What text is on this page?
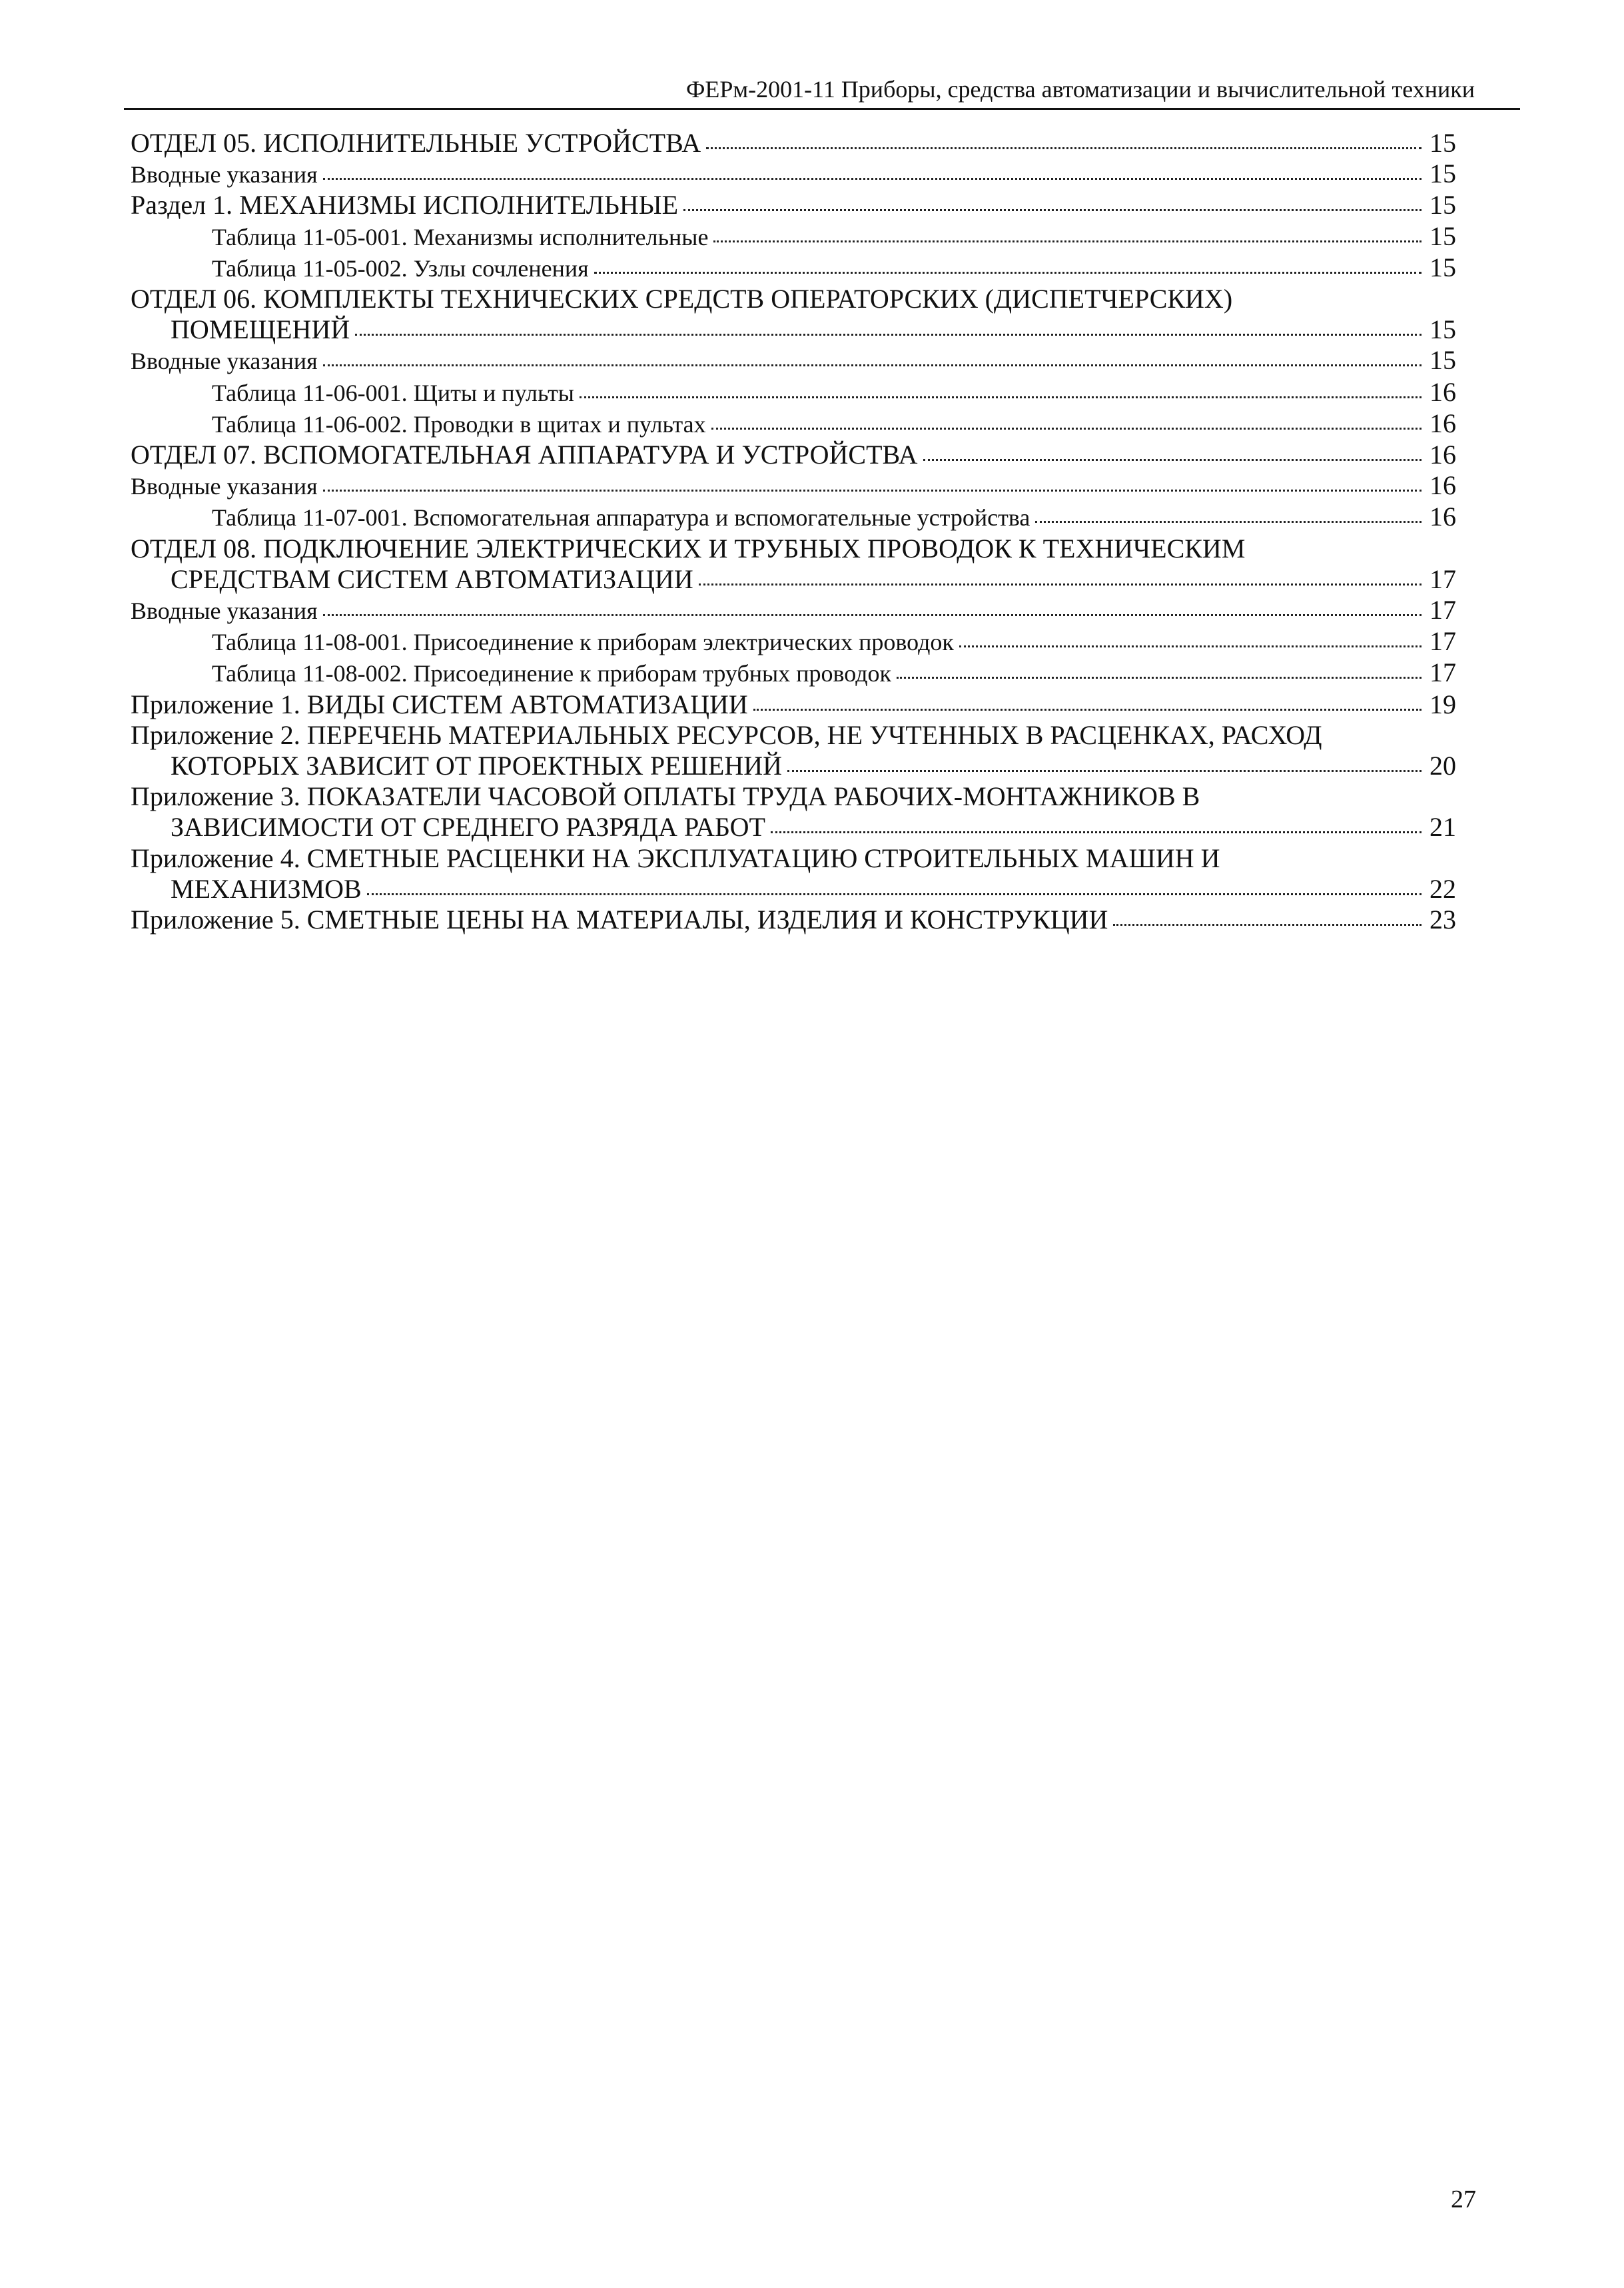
ФЕРм-2001-11 Приборы, средства автоматизации и вычислительной техники
ОТДЕЛ 05. ИСПОЛНИТЕЛЬНЫЕ УСТРОЙСТВА	15
Вводные указания	15
Раздел 1. МЕХАНИЗМЫ ИСПОЛНИТЕЛЬНЫЕ	15
Таблица 11-05-001. Механизмы исполнительные	15
Таблица 11-05-002. Узлы сочленения	15
ОТДЕЛ 06. КОМПЛЕКТЫ ТЕХНИЧЕСКИХ СРЕДСТВ ОПЕРАТОРСКИХ (ДИСПЕТЧЕРСКИХ)
ПОМЕЩЕНИЙ	15
Вводные указания	15
Таблица 11-06-001. Щиты и пульты	16
Таблица 11-06-002. Проводки в щитах и пультах	16
ОТДЕЛ 07. ВСПОМОГАТЕЛЬНАЯ АППАРАТУРА И УСТРОЙСТВА	16
Вводные указания	16
Таблица 11-07-001. Вспомогательная аппаратура и вспомогательные устройства	16
ОТДЕЛ 08. ПОДКЛЮЧЕНИЕ ЭЛЕКТРИЧЕСКИХ И ТРУБНЫХ ПРОВОДОК К ТЕХНИЧЕСКИМ
СРЕДСТВАМ СИСТЕМ АВТОМАТИЗАЦИИ	17
Вводные указания	17
Таблица 11-08-001. Присоединение к приборам электрических проводок	17
Таблица 11-08-002. Присоединение к приборам трубных проводок	17
Приложение 1. ВИДЫ СИСТЕМ АВТОМАТИЗАЦИИ	19
Приложение 2. ПЕРЕЧЕНЬ МАТЕРИАЛЬНЫХ РЕСУРСОВ, НЕ УЧТЕННЫХ В РАСЦЕНКАХ, РАСХОД
КОТОРЫХ ЗАВИСИТ ОТ ПРОЕКТНЫХ РЕШЕНИЙ	20
Приложение 3. ПОКАЗАТЕЛИ ЧАСОВОЙ ОПЛАТЫ ТРУДА РАБОЧИХ-МОНТАЖНИКОВ В
ЗАВИСИМОСТИ ОТ СРЕДНЕГО РАЗРЯДА РАБОТ	21
Приложение 4. СМЕТНЫЕ РАСЦЕНКИ НА ЭКСПЛУАТАЦИЮ СТРОИТЕЛЬНЫХ МАШИН И
МЕХАНИЗМОВ	22
Приложение 5. СМЕТНЫЕ ЦЕНЫ НА МАТЕРИАЛЫ, ИЗДЕЛИЯ И КОНСТРУКЦИИ	23
27
